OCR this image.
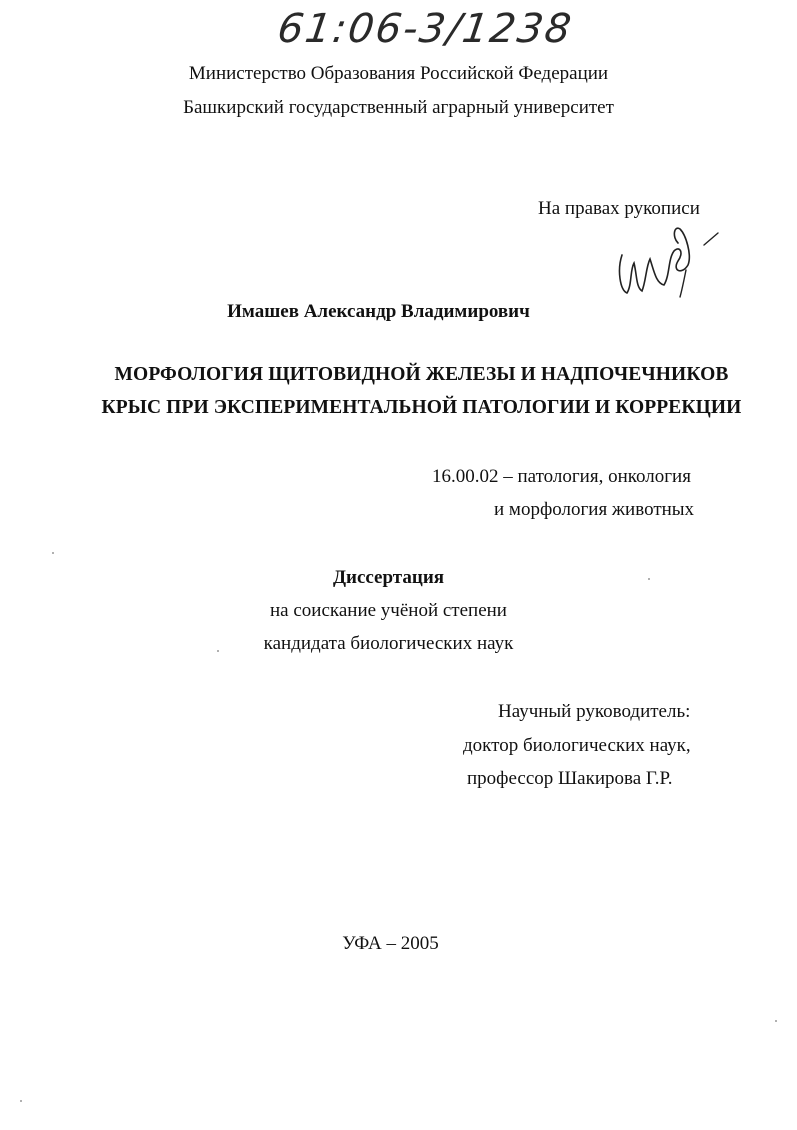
61:06-3/1238
Министерство Образования Российской Федерации
Башкирский государственный аграрный университет
На правах рукописи
Имашев Александр Владимирович
МОРФОЛОГИЯ ЩИТОВИДНОЙ ЖЕЛЕЗЫ И НАДПОЧЕЧНИКОВ
КРЫС ПРИ ЭКСПЕРИМЕНТАЛЬНОЙ ПАТОЛОГИИ И КОРРЕКЦИИ
16.00.02 – патология, онкология
и морфология животных
Диссертация
на соискание учёной степени
кандидата биологических наук
Научный руководитель:
доктор биологических наук,
профессор Шакирова Г.Р.
УФА – 2005
